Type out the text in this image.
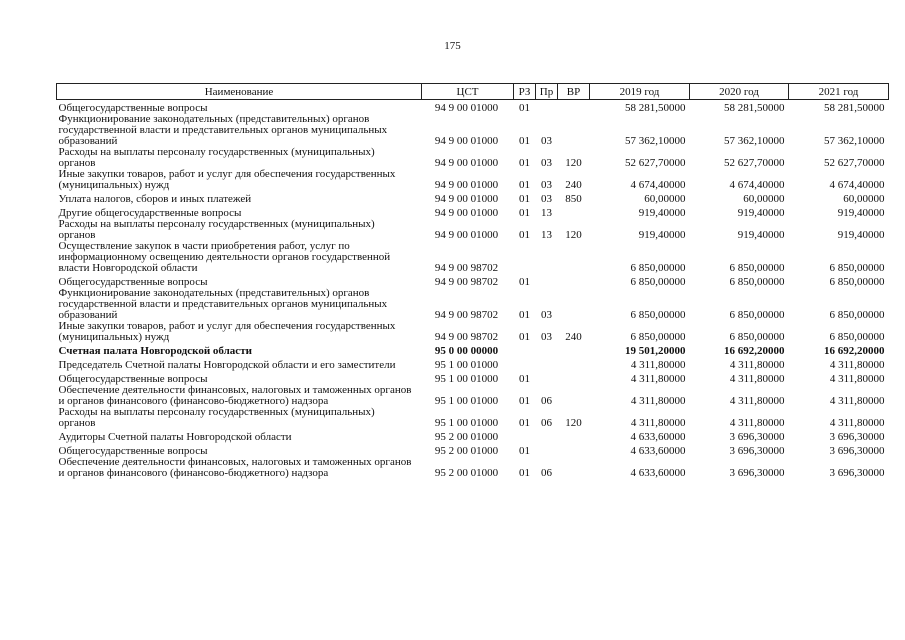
175
Наименование	ЦСТ	РЗ	Пр	ВР	2019 год	2020 год	2021 год
Общегосударственные вопросы	94 9 00 01000	01			58 281,50000	58 281,50000	58 281,50000
Функционирование законодательных (представительных) органов государственной власти и представительных органов муниципальных образований	94 9 00 01000	01	03		57 362,10000	57 362,10000	57 362,10000
Расходы на выплаты персоналу государственных (муниципальных) органов	94 9 00 01000	01	03	120	52 627,70000	52 627,70000	52 627,70000
Иные закупки товаров, работ и услуг для обеспечения государственных (муниципальных) нужд	94 9 00 01000	01	03	240	4 674,40000	4 674,40000	4 674,40000
Уплата налогов, сборов и иных платежей	94 9 00 01000	01	03	850	60,00000	60,00000	60,00000
Другие общегосударственные вопросы	94 9 00 01000	01	13		919,40000	919,40000	919,40000
Расходы на выплаты персоналу государственных (муниципальных) органов	94 9 00 01000	01	13	120	919,40000	919,40000	919,40000
Осуществление закупок в части приобретения работ, услуг по информационному освещению деятельности органов государственной власти Новгородской области	94 9 00 98702				6 850,00000	6 850,00000	6 850,00000
Общегосударственные вопросы	94 9 00 98702	01			6 850,00000	6 850,00000	6 850,00000
Функционирование законодательных (представительных) органов государственной власти и представительных органов муниципальных образований	94 9 00 98702	01	03		6 850,00000	6 850,00000	6 850,00000
Иные закупки товаров, работ и услуг для обеспечения государственных (муниципальных) нужд	94 9 00 98702	01	03	240	6 850,00000	6 850,00000	6 850,00000
Счетная палата Новгородской области	95 0 00 00000				19 501,20000	16 692,20000	16 692,20000
Председатель Счетной палаты Новгородской области и его заместители	95 1 00 01000				4 311,80000	4 311,80000	4 311,80000
Общегосударственные вопросы	95 1 00 01000	01			4 311,80000	4 311,80000	4 311,80000
Обеспечение деятельности финансовых, налоговых и таможенных органов и органов финансового (финансово-бюджетного) надзора	95 1 00 01000	01	06		4 311,80000	4 311,80000	4 311,80000
Расходы на выплаты персоналу государственных (муниципальных) органов	95 1 00 01000	01	06	120	4 311,80000	4 311,80000	4 311,80000
Аудиторы Счетной палаты Новгородской области	95 2 00 01000				4 633,60000	3 696,30000	3 696,30000
Общегосударственные вопросы	95 2 00 01000	01			4 633,60000	3 696,30000	3 696,30000
Обеспечение деятельности финансовых, налоговых и таможенных органов и органов финансового (финансово-бюджетного) надзора	95 2 00 01000	01	06		4 633,60000	3 696,30000	3 696,30000
